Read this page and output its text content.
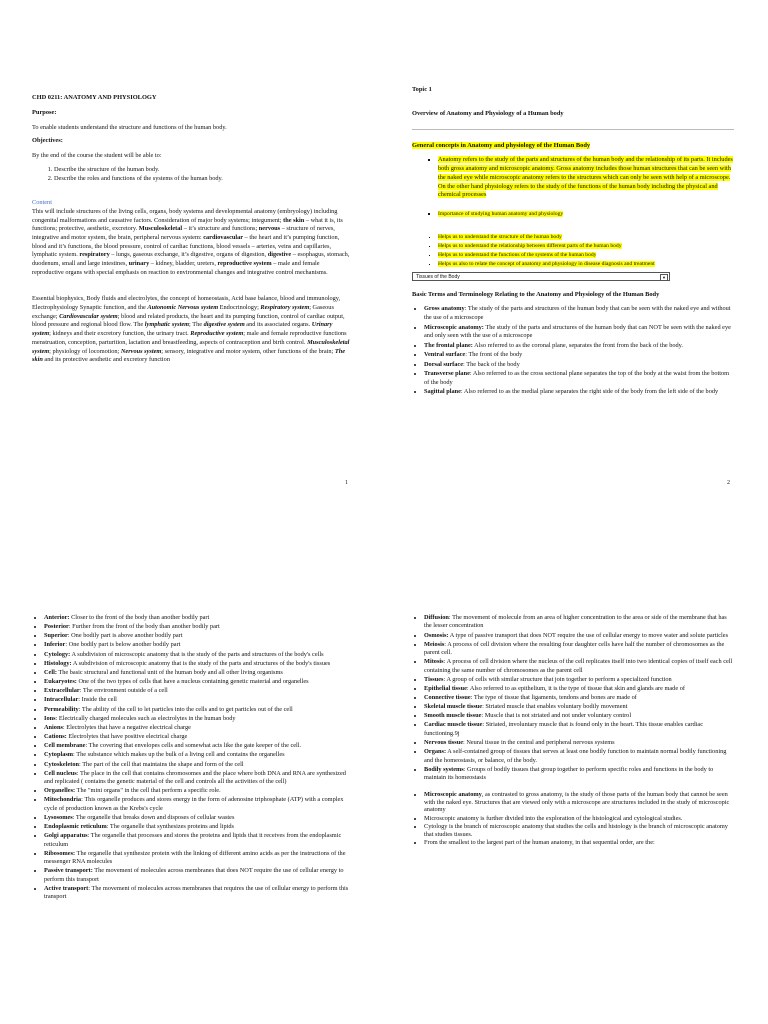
CHD 0211: ANATOMY AND PHYSIOLOGY

Purpose:

To enable students understand the structure and functions of the human body.

Objectives:

By the end of the course the student will be able to:

1. Describe the structure of the human body.
2. Describe the roles and functions of the systems of the human body.

Content

This will include structures of the living cells, organs, body systems and developmental anatomy (embryology) including congenital malformations and causative factors. Consideration of major body systems; integument; the skin – what it is, its functions; protective, aesthetic, excretory. Musculoskeletal – it’s structure and functions; nervous – structure of nerves, integrative and motor system, the brain, peripheral nervous system: cardiovascular – the heart and it’s pumping function, blood and it’s functions, the blood pressure, control of cardiac functions, blood vessels – arteries, veins and capillaries, lymphatic system. respiratory – lungs, gaseous exchange, it’s digestive, organs of digestion, digestive – esophagus, stomach, duodenum, small and large intestines, urinary – kidney, bladder, ureters, reproductive system – male and female reproductive organs with special emphasis on reaction to environmental changes and integrative control mechanisms.

Essential biophysics, Body fluids and electrolytes, the concept of homeostasis, Acid base balance, blood and immunology, Electrophysiology Synaptic function, and the Autonomic Nervous system Endocrinology; Respiratory system; Gaseous exchange; Cardiovascular system; blood and related products, the heart and its pumping function, control of cardiac output, blood pressure and regional blood flow. The lymphatic system; The digestive system and its associated organs. Urinary system; kidneys and their excretory function, the urinary tract. Reproductive system; male and female reproductive functions menstruation, conception, parturition, lactation and breastfeeding, aspects of contraception and birth control. Musculoskeletal system; physiology of locomotion; Nervous system; sensory, integrative and motor system, other functions of the brain; The skin and its protective aesthetic and excretory function

1

Topic 1

Overview of Anatomy and Physiology of a Human body

General concepts in Anatomy and physiology of the Human Body

▪ Anatomy refers to the study of the parts and structures of the human body and the relationship of its parts. It includes both gross anatomy and microscopic anatomy. Gross anatomy includes those human structures that can be seen with the naked eye while microscopic anatomy refers to the structures which can only be seen with help of a microscope. On the other hand physiology refers to the study of the functions of the human body including the physical and chemical processes
▪ Importance of studying human anatomy and physiology
▪ Helps us to understand the structure of the human body
▪ Helps us to understand the relationship between different parts of the human body
▪ Helps us to understand the functions of the systems of the human body
▪ Helps us also to relate the concept of anatomy and physiology in disease diagnosis and treatment
Tissues of the Body	▼

Basic Terms and Terminology Relating to the Anatomy and Physiology of the Human Body

• Gross anatomy: The study of the parts and structures of the human body that can be seen with the naked eye and without the use of a microscope
• Microscopic anatomy: The study of the parts and structures of the human body that can NOT be seen with the naked eye and only seen with the use of a microscope
• The frontal plane: Also referred to as the coronal plane, separates the front from the back of the body.
• Ventral surface: The front of the body
• Dorsal surface: The back of the body
• Transverse plane: Also referred to as the cross sectional plane separates the top of the body at the waist from the bottom of the body
• Sagittal plane: Also referred to as the medial plane separates the right side of the body from the left side of the body
2
• Anterior: Closer to the front of the body than another bodily part
• Posterior: Further from the front of the body than another bodily part
• Superior: One bodily part is above another bodily part
• Inferior: One bodily part is below another bodily part
• Cytology: A subdivision of microscopic anatomy that is the study of the parts and structures of the body's cells
• Histology: A subdivision of microscopic anatomy that is the study of the parts and structures of the body's tissues
• Cell: The basic structural and functional unit of the human body and all other living organisms
• Eukaryotes: One of the two types of cells that have a nucleus containing genetic material and organelles
• Extracellular: The environment outside of a cell
• Intracellular: Inside the cell
• Permeability: The ability of the cell to let particles into the cells and to get particles out of the cell
• Ions: Electrically charged molecules such as electrolytes in the human body
• Anions: Electrolytes that have a negative electrical charge
• Cations: Electrolytes that have positive electrical charge
• Cell membrane: The covering that envelopes cells and somewhat acts like the gate keeper of the cell.
• Cytoplasm: The substance which makes up the bulk of a living cell and contains the organelles
• Cytoskeleton: The part of the cell that maintains the shape and form of the cell
• Cell nucleus: The place in the cell that contains chromosomes and the place where both DNA and RNA are synthesized and replicated ( contains the genetic material of the cell and controls all the activities of the cell)
• Organelles: The "mini organs" in the cell that perform a specific role.
• Mitochondria: This organelle produces and stores energy in the form of adenosine triphosphate (ATP) with a complex cycle of production known as the Krebs's cycle
• Lysosomes: The organelle that breaks down and disposes of cellular wastes
• Endoplasmic reticulum: The organelle that synthesizes proteins and lipids
• Golgi apparatus: The organelle that processes and stores the proteins and lipids that it receives from the endoplasmic reticulum
• Ribosomes: The organelle that synthesize protein with the linking of different amino acids as per the instructions of the messenger RNA molecules
• Passive transport: The movement of molecules across membranes that does NOT require the use of cellular energy to perform this transport
• Active transport: The movement of molecules across membranes that requires the use of cellular energy to perform this transport
• Diffusion: The movement of molecule from an area of higher concentration to the area or side of the membrane that has the lesser concentration
• Osmosis: A type of passive transport that does NOT require the use of cellular energy to move water and solute particles
• Meiosis: A process of cell division where the resulting four daughter cells have half the number of chromosomes as the parent cell.
• Mitosis: A process of cell division where the nucleus of the cell replicates itself into two identical copies of itself each cell containing the same number of chromosomes as the parent cell
• Tissues: A group of cells with similar structure that join together to perform a specialized function
• Epithelial tissue: Also referred to as epithelium, it is the type of tissue that skin and glands are made of
• Connective tissue: The type of tissue that ligaments, tendons and bones are made of
• Skeletal muscle tissue: Striated muscle that enables voluntary bodily movement
• Smooth muscle tissue: Muscle that is not striated and not under voluntary control
• Cardiac muscle tissue: Striated, involuntary muscle that is found only in the heart. This tissue enables cardiac functioning.9j
• Nervous tissue: Neural tissue in the central and peripheral nervous systems
• Organs: A self-contained group of tissues that serves at least one bodily function to maintain normal bodily functioning and the homeostasis, or balance, of the body.
• Bodily systems: Groups of bodily tissues that group together to perform specific roles and functions in the body to maintain its homeostasis
• Microscopic anatomy, as contrasted to gross anatomy, is the study of those parts of the human body that cannot be seen with the naked eye. Structures that are viewed only with a microscope are structures included in the study of microscopic anatomy
• Microscopic anatomy is further divided into the exploration of the histological and cytological studies.
• Cytology is the branch of microscopic anatomy that studies the cells and histology is the branch of microscopic anatomy that studies tissues.
• From the smallest to the largest part of the human anatomy, in that sequential order, are the:
